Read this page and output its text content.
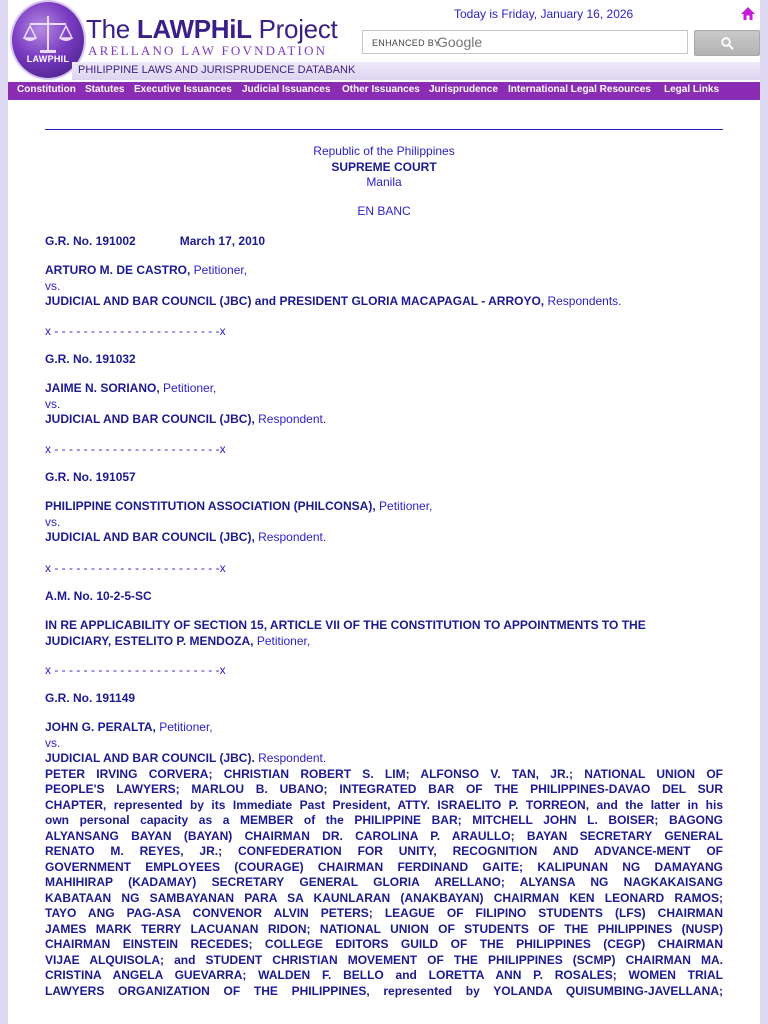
LAWPHIL
The LAWPHiL Project
ARELLANO LAW FOVNDATION
PHILIPPINE LAWS AND JURISPRUDENCE DATABANK
Today is Friday, January 16, 2026
ENHANCED BY
Google
Constitution Statutes Executive Issuances Judicial Issuances Other Issuances Jurisprudence International Legal Resources Legal Links
Republic of the Philippines
SUPREME COURT
Manila
EN BANC
G.R. No. 191002	March 17, 2010
ARTURO M. DE CASTRO, Petitioner,
vs.
JUDICIAL AND BAR COUNCIL (JBC) and PRESIDENT GLORIA MACAPAGAL - ARROYO, Respondents.
x - - - - - - - - - - - - - - - - - - - - - - -x
G.R. No. 191032
JAIME N. SORIANO, Petitioner,
vs.
JUDICIAL AND BAR COUNCIL (JBC), Respondent.
x - - - - - - - - - - - - - - - - - - - - - - -x
G.R. No. 191057
PHILIPPINE CONSTITUTION ASSOCIATION (PHILCONSA), Petitioner,
vs.
JUDICIAL AND BAR COUNCIL (JBC), Respondent.
x - - - - - - - - - - - - - - - - - - - - - - -x
A.M. No. 10-2-5-SC
IN RE APPLICABILITY OF SECTION 15, ARTICLE VII OF THE CONSTITUTION TO APPOINTMENTS TO THE
JUDICIARY, ESTELITO P. MENDOZA, Petitioner,
x - - - - - - - - - - - - - - - - - - - - - - -x
G.R. No. 191149
JOHN G. PERALTA, Petitioner,
vs.
JUDICIAL AND BAR COUNCIL (JBC). Respondent.
PETER IRVING CORVERA; CHRISTIAN ROBERT S. LIM; ALFONSO V. TAN, JR.; NATIONAL UNION OF
PEOPLE'S LAWYERS; MARLOU B. UBANO; INTEGRATED BAR OF THE PHILIPPINES-DAVAO DEL SUR
CHAPTER, represented by its Immediate Past President, ATTY. ISRAELITO P. TORREON, and the latter in his
own personal capacity as a MEMBER of the PHILIPPINE BAR; MITCHELL JOHN L. BOISER; BAGONG
ALYANSANG BAYAN (BAYAN) CHAIRMAN DR. CAROLINA P. ARAULLO; BAYAN SECRETARY GENERAL
RENATO M. REYES, JR.; CONFEDERATION FOR UNITY, RECOGNITION AND ADVANCE-MENT OF
GOVERNMENT EMPLOYEES (COURAGE) CHAIRMAN FERDINAND GAITE; KALIPUNAN NG DAMAYANG
MAHIHIRAP (KADAMAY) SECRETARY GENERAL GLORIA ARELLANO; ALYANSA NG NAGKAKAISANG
KABATAAN NG SAMBAYANAN PARA SA KAUNLARAN (ANAKBAYAN) CHAIRMAN KEN LEONARD RAMOS;
TAYO ANG PAG-ASA CONVENOR ALVIN PETERS; LEAGUE OF FILIPINO STUDENTS (LFS) CHAIRMAN
JAMES MARK TERRY LACUANAN RIDON; NATIONAL UNION OF STUDENTS OF THE PHILIPPINES (NUSP)
CHAIRMAN EINSTEIN RECEDES; COLLEGE EDITORS GUILD OF THE PHILIPPINES (CEGP) CHAIRMAN
VIJAE ALQUISOLA; and STUDENT CHRISTIAN MOVEMENT OF THE PHILIPPINES (SCMP) CHAIRMAN MA.
CRISTINA ANGELA GUEVARRA; WALDEN F. BELLO and LORETTA ANN P. ROSALES; WOMEN TRIAL
LAWYERS ORGANIZATION OF THE PHILIPPINES, represented by YOLANDA QUISUMBING-JAVELLANA;
